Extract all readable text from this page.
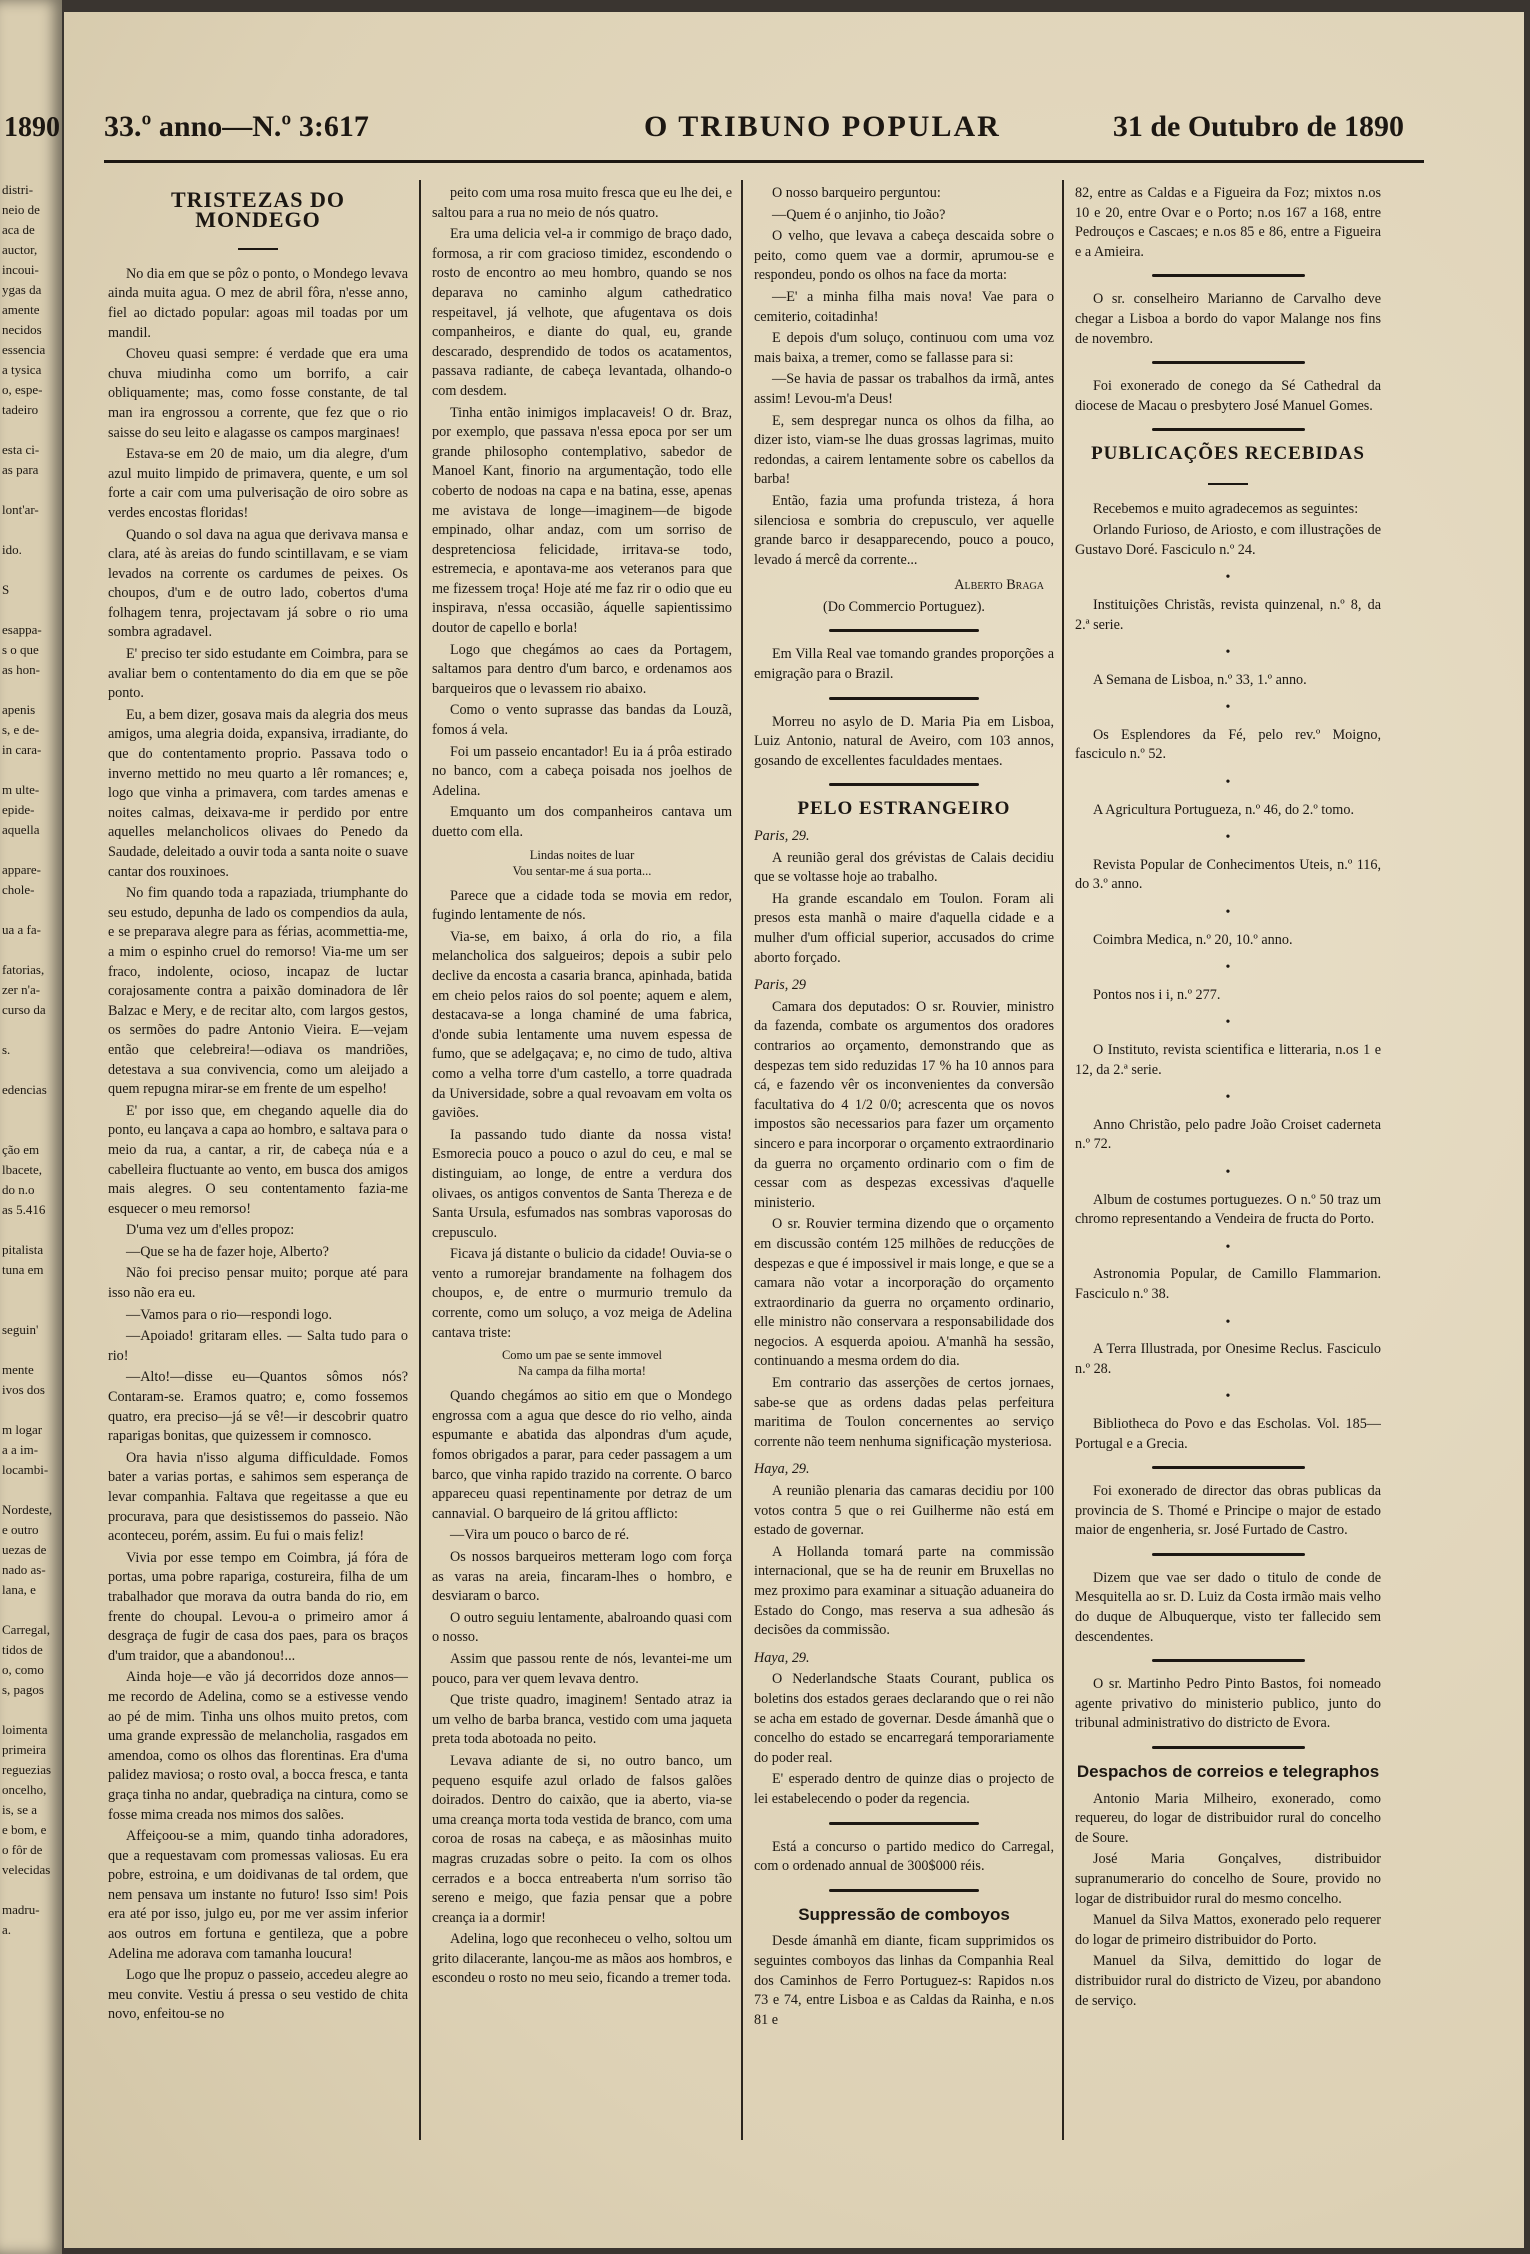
1890
distri-
neio de
aca de
auctor,
incoui-
ygas da
amente
necidos
essencia
a tysica
o, espe-
tadeiro
esta ci-
as para
lont'ar-
ido.
S
esappa-
s o que
as hon-
apenis
s, e de-
in cara-
m ulte-
epide-
aquella
appare-
chole-
ua a fa-
fatorias,
zer n'a-
curso da
s.
edencias
ção em
lbacete,
do n.o
as 5.416
pitalista
tuna em
seguin'
mente
ivos dos
m logar
a a im-
locambi-
Nordeste,
e outro
uezas de
nado as-
lana, e
Carregal,
tidos de
o, como
s, pagos
loimenta
primeira
reguezias
oncelho,
is, se a
e bom, e
o fôr de
velecidas
madru-
a.
33.º anno—N.º 3:617	O TRIBUNO POPULAR	31 de Outubro de 1890
TRISTEZAS DO MONDEGO

No dia em que se pôz o ponto, o Mondego levava ainda muita agua. O mez de abril fôra, n'esse anno, fiel ao dictado popular: agoas mil toadas por um mandil.

Choveu quasi sempre: é verdade que era uma chuva miudinha como um borrifo, a cair obliquamente; mas, como fosse constante, de tal man ira engrossou a corrente, que fez que o rio saisse do seu leito e alagasse os campos marginaes!

Estava-se em 20 de maio, um dia alegre, d'um azul muito limpido de primavera, quente, e um sol forte a cair com uma pulverisação de oiro sobre as verdes encostas floridas!

Quando o sol dava na agua que derivava mansa e clara, até às areias do fundo scintillavam, e se viam levados na corrente os cardumes de peixes. Os choupos, d'um e de outro lado, cobertos d'uma folhagem tenra, projectavam já sobre o rio uma sombra agradavel.

E' preciso ter sido estudante em Coimbra, para se avaliar bem o contentamento do dia em que se põe ponto.

Eu, a bem dizer, gosava mais da alegria dos meus amigos, uma alegria doida, expansiva, irradiante, do que do contentamento proprio. Passava todo o inverno mettido no meu quarto a lêr romances; e, logo que vinha a primavera, com tardes amenas e noites calmas, deixava-me ir perdido por entre aquelles melancholicos olivaes do Penedo da Saudade, deleitado a ouvir toda a santa noite o suave cantar dos rouxinoes.

No fim quando toda a rapaziada, triumphante do seu estudo, depunha de lado os compendios da aula, e se preparava alegre para as férias, acommettia-me, a mim o espinho cruel do remorso! Via-me um ser fraco, indolente, ocioso, incapaz de luctar corajosamente contra a paixão dominadora de lêr Balzac e Mery, e de recitar alto, com largos gestos, os sermões do padre Antonio Vieira. E—vejam então que celebreira!—odiava os mandriões, detestava a sua convivencia, como um aleijado a quem repugna mirar-se em frente de um espelho!

E' por isso que, em chegando aquelle dia do ponto, eu lançava a capa ao hombro, e saltava para o meio da rua, a cantar, a rir, de cabeça núa e a cabelleira fluctuante ao vento, em busca dos amigos mais alegres. O seu contentamento fazia-me esquecer o meu remorso!

D'uma vez um d'elles propoz:

—Que se ha de fazer hoje, Alberto?

Não foi preciso pensar muito; porque até para isso não era eu.

—Vamos para o rio—respondi logo.

—Apoiado! gritaram elles. — Salta tudo para o rio!

—Alto!—disse eu—Quantos sômos nós? Contaram-se. Eramos quatro; e, como fossemos quatro, era preciso—já se vê!—ir descobrir quatro raparigas bonitas, que quizessem ir comnosco.

Ora havia n'isso alguma difficuldade. Fomos bater a varias portas, e sahimos sem esperança de levar companhia. Faltava que regeitasse a que eu procurava, para que desistissemos do passeio. Não aconteceu, porém, assim. Eu fui o mais feliz!

Vivia por esse tempo em Coimbra, já fóra de portas, uma pobre rapariga, costureira, filha de um trabalhador que morava da outra banda do rio, em frente do choupal. Levou-a o primeiro amor á desgraça de fugir de casa dos paes, para os braços d'um traidor, que a abandonou!...

Ainda hoje—e vão já decorridos doze annos—me recordo de Adelina, como se a estivesse vendo ao pé de mim. Tinha uns olhos muito pretos, com uma grande expressão de melancholia, rasgados em amendoa, como os olhos das florentinas. Era d'uma palidez maviosa; o rosto oval, a bocca fresca, e tanta graça tinha no andar, quebradiça na cintura, como se fosse mima creada nos mimos dos salões.

Affeiçoou-se a mim, quando tinha adoradores, que a requestavam com promessas valiosas. Eu era pobre, estroina, e um doidivanas de tal ordem, que nem pensava um instante no futuro! Isso sim! Pois era até por isso, julgo eu, por me ver assim inferior aos outros em fortuna e gentileza, que a pobre Adelina me adorava com tamanha loucura!

Logo que lhe propuz o passeio, accedeu alegre ao meu convite. Vestiu á pressa o seu vestido de chita novo, enfeitou-se no

peito com uma rosa muito fresca que eu lhe dei, e saltou para a rua no meio de nós quatro.

Era uma delicia vel-a ir commigo de braço dado, formosa, a rir com gracioso timidez, escondendo o rosto de encontro ao meu hombro, quando se nos deparava no caminho algum cathedratico respeitavel, já velhote, que afugentava os dois companheiros, e diante do qual, eu, grande descarado, desprendido de todos os acatamentos, passava radiante, de cabeça levantada, olhando-o com desdem.

Tinha então inimigos implacaveis! O dr. Braz, por exemplo, que passava n'essa epoca por ser um grande philosopho contemplativo, sabedor de Manoel Kant, finorio na argumentação, todo elle coberto de nodoas na capa e na batina, esse, apenas me avistava de longe—imaginem—de bigode empinado, olhar andaz, com um sorriso de despretenciosa felicidade, irritava-se todo, estremecia, e apontava-me aos veteranos para que me fizessem troça! Hoje até me faz rir o odio que eu inspirava, n'essa occasião, áquelle sapientissimo doutor de capello e borla!

Logo que chegámos ao caes da Portagem, saltamos para dentro d'um barco, e ordenamos aos barqueiros que o levassem rio abaixo.

Como o vento suprasse das bandas da Louzã, fomos á vela.

Foi um passeio encantador! Eu ia á prôa estirado no banco, com a cabeça poisada nos joelhos de Adelina.

Emquanto um dos companheiros cantava um duetto com ella.

Lindas noites de luar
Vou sentar-me á sua porta...

Parece que a cidade toda se movia em redor, fugindo lentamente de nós.

Via-se, em baixo, á orla do rio, a fila melancholica dos salgueiros; depois a subir pelo declive da encosta a casaria branca, apinhada, batida em cheio pelos raios do sol poente; aquem e alem, destacava-se a longa chaminé de uma fabrica, d'onde subia lentamente uma nuvem espessa de fumo, que se adelgaçava; e, no cimo de tudo, altiva como a velha torre d'um castello, a torre quadrada da Universidade, sobre a qual revoavam em volta os gaviões.

Ia passando tudo diante da nossa vista! Esmorecia pouco a pouco o azul do ceu, e mal se distinguiam, ao longe, de entre a verdura dos olivaes, os antigos conventos de Santa Thereza e de Santa Ursula, esfumados nas sombras vaporosas do crepusculo.

Ficava já distante o bulicio da cidade! Ouvia-se o vento a rumorejar brandamente na folhagem dos choupos, e, de entre o murmurio tremulo da corrente, como um soluço, a voz meiga de Adelina cantava triste:

Como um pae se sente immovel
Na campa da filha morta!

Quando chegámos ao sitio em que o Mondego engrossa com a agua que desce do rio velho, ainda espumante e abatida das alpondras d'um açude, fomos obrigados a parar, para ceder passagem a um barco, que vinha rapido trazido na corrente. O barco appareceu quasi repentinamente por detraz de um cannavial. O barqueiro de lá gritou afflicto:

—Vira um pouco o barco de ré.

Os nossos barqueiros metteram logo com força as varas na areia, fincaram-lhes o hombro, e desviaram o barco.

O outro seguiu lentamente, abalroando quasi com o nosso.

Assim que passou rente de nós, levantei-me um pouco, para ver quem levava dentro.

Que triste quadro, imaginem! Sentado atraz ia um velho de barba branca, vestido com uma jaqueta preta toda abotoada no peito.

Levava adiante de si, no outro banco, um pequeno esquife azul orlado de falsos galões doirados. Dentro do caixão, que ia aberto, via-se uma creança morta toda vestida de branco, com uma coroa de rosas na cabeça, e as mãosinhas muito magras cruzadas sobre o peito. Ia com os olhos cerrados e a bocca entreaberta n'um sorriso tão sereno e meigo, que fazia pensar que a pobre creança ia a dormir!

Adelina, logo que reconheceu o velho, soltou um grito dilacerante, lançou-me as mãos aos hombros, e escondeu o rosto no meu seio, ficando a tremer toda.

O nosso barqueiro perguntou:

—Quem é o anjinho, tio João?

O velho, que levava a cabeça descaida sobre o peito, como quem vae a dormir, aprumou-se e respondeu, pondo os olhos na face da morta:

—E' a minha filha mais nova! Vae para o cemiterio, coitadinha!

E depois d'um soluço, continuou com uma voz mais baixa, a tremer, como se fallasse para si:

—Se havia de passar os trabalhos da irmã, antes assim! Levou-m'a Deus!

E, sem despregar nunca os olhos da filha, ao dizer isto, viam-se lhe duas grossas lagrimas, muito redondas, a cairem lentamente sobre os cabellos da barba!

Então, fazia uma profunda tristeza, á hora silenciosa e sombria do crepusculo, ver aquelle grande barco ir desapparecendo, pouco a pouco, levado á mercê da corrente...

Alberto Braga
(Do Commercio Portuguez).

Em Villa Real vae tomando grandes proporções a emigração para o Brazil.

Morreu no asylo de D. Maria Pia em Lisboa, Luiz Antonio, natural de Aveiro, com 103 annos, gosando de excellentes faculdades mentaes.

PELO ESTRANGEIRO

Paris, 29.

A reunião geral dos grévistas de Calais decidiu que se voltasse hoje ao trabalho.

Ha grande escandalo em Toulon. Foram ali presos esta manhã o maire d'aquella cidade e a mulher d'um official superior, accusados do crime aborto forçado.

Paris, 29

Camara dos deputados: O sr. Rouvier, ministro da fazenda, combate os argumentos dos oradores contrarios ao orçamento, demonstrando que as despezas tem sido reduzidas 17 % ha 10 annos para cá, e fazendo vêr os inconvenientes da conversão facultativa do 4 1/2 0/0; acrescenta que os novos impostos são necessarios para fazer um orçamento sincero e para incorporar o orçamento extraordinario da guerra no orçamento ordinario com o fim de cessar com as despezas excessivas d'aquelle ministerio.

O sr. Rouvier termina dizendo que o orçamento em discussão contém 125 milhões de reducções de despezas e que é impossivel ir mais longe, e que se a camara não votar a incorporação do orçamento extraordinario da guerra no orçamento ordinario, elle ministro não conservara a responsabilidade dos negocios. A esquerda apoiou. A'manhã ha sessão, continuando a mesma ordem do dia.

Em contrario das asserções de certos jornaes, sabe-se que as ordens dadas pelas perfeitura maritima de Toulon concernentes ao serviço corrente não teem nenhuma significação mysteriosa.

Haya, 29.

A reunião plenaria das camaras decidiu por 100 votos contra 5 que o rei Guilherme não está em estado de governar.

A Hollanda tomará parte na commissão internacional, que se ha de reunir em Bruxellas no mez proximo para examinar a situação aduaneira do Estado do Congo, mas reserva a sua adhesão ás decisões da commissão.

Haya, 29.

O Nederlandsche Staats Courant, publica os boletins dos estados geraes declarando que o rei não se acha em estado de governar. Desde ámanhã que o concelho do estado se encarregará temporariamente do poder real.

E' esperado dentro de quinze dias o projecto de lei estabelecendo o poder da regencia.

Está a concurso o partido medico do Carregal, com o ordenado annual de 300$000 réis.

Suppressão de comboyos

Desde ámanhã em diante, ficam supprimidos os seguintes comboyos das linhas da Companhia Real dos Caminhos de Ferro Portuguez-s: Rapidos n.os 73 e 74, entre Lisboa e as Caldas da Rainha, e n.os 81 e

82, entre as Caldas e a Figueira da Foz; mixtos n.os 10 e 20, entre Ovar e o Porto; n.os 167 a 168, entre Pedrouços e Cascaes; e n.os 85 e 86, entre a Figueira e a Amieira.

O sr. conselheiro Marianno de Carvalho deve chegar a Lisboa a bordo do vapor Malange nos fins de novembro.

Foi exonerado de conego da Sé Cathedral da diocese de Macau o presbytero José Manuel Gomes.

PUBLICAÇÕES RECEBIDAS

Recebemos e muito agradecemos as seguintes:

Orlando Furioso, de Ariosto, e com illustrações de Gustavo Doré. Fasciculo n.º 24.

•

Instituições Christãs, revista quinzenal, n.º 8, da 2.ª serie.

•

A Semana de Lisboa, n.º 33, 1.º anno.

•

Os Esplendores da Fé, pelo rev.º Moigno, fasciculo n.º 52.

•

A Agricultura Portugueza, n.º 46, do 2.º tomo.

•

Revista Popular de Conhecimentos Uteis, n.º 116, do 3.º anno.

•

Coimbra Medica, n.º 20, 10.º anno.

•

Pontos nos i i, n.º 277.

•

O Instituto, revista scientifica e litteraria, n.os 1 e 12, da 2.ª serie.

•

Anno Christão, pelo padre João Croiset caderneta n.º 72.

•

Album de costumes portuguezes. O n.º 50 traz um chromo representando a Vendeira de fructa do Porto.

•

Astronomia Popular, de Camillo Flammarion. Fasciculo n.º 38.

•

A Terra Illustrada, por Onesime Reclus. Fasciculo n.º 28.

•

Bibliotheca do Povo e das Escholas. Vol. 185—Portugal e a Grecia.

Foi exonerado de director das obras publicas da provincia de S. Thomé e Principe o major de estado maior de engenheria, sr. José Furtado de Castro.

Dizem que vae ser dado o titulo de conde de Mesquitella ao sr. D. Luiz da Costa irmão mais velho do duque de Albuquerque, visto ter fallecido sem descendentes.

O sr. Martinho Pedro Pinto Bastos, foi nomeado agente privativo do ministerio publico, junto do tribunal administrativo do districto de Evora.

Despachos de correios e telegraphos

Antonio Maria Milheiro, exonerado, como requereu, do logar de distribuidor rural do concelho de Soure.

José Maria Gonçalves, distribuidor supranumerario do concelho de Soure, provido no logar de distribuidor rural do mesmo concelho.

Manuel da Silva Mattos, exonerado pelo requerer do logar de primeiro distribuidor do Porto.

Manuel da Silva, demittido do logar de distribuidor rural do districto de Vizeu, por abandono de serviço.
